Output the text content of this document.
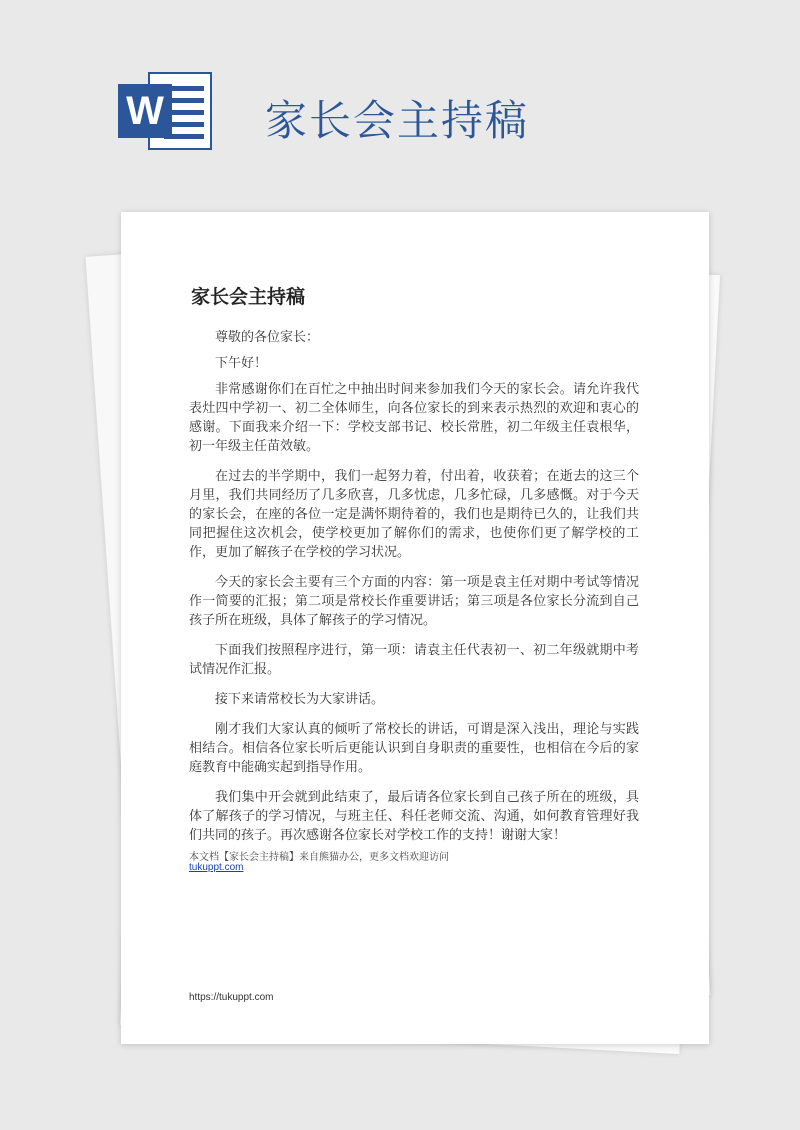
W 家长会主持稿
家长会主持稿

尊敬的各位家长：

下午好！

非常感谢你们在百忙之中抽出时间来参加我们今天的家长会。请允许我代表灶四中学初一、初二全体师生，向各位家长的到来表示热烈的欢迎和衷心的感谢。下面我来介绍一下：学校支部书记、校长常胜，初二年级主任袁根华，初一年级主任苗效敏。

在过去的半学期中，我们一起努力着，付出着，收获着；在逝去的这三个月里，我们共同经历了几多欣喜，几多忧虑，几多忙碌，几多感慨。对于今天的家长会，在座的各位一定是满怀期待着的，我们也是期待已久的，让我们共同把握住这次机会，使学校更加了解你们的需求，也使你们更了解学校的工作，更加了解孩子在学校的学习状况。

今天的家长会主要有三个方面的内容：第一项是袁主任对期中考试等情况作一简要的汇报；第二项是常校长作重要讲话；第三项是各位家长分流到自己孩子所在班级，具体了解孩子的学习情况。

下面我们按照程序进行，第一项：请袁主任代表初一、初二年级就期中考试情况作汇报。

接下来请常校长为大家讲话。

刚才我们大家认真的倾听了常校长的讲话，可谓是深入浅出，理论与实践相结合。相信各位家长听后更能认识到自身职责的重要性，也相信在今后的家庭教育中能确实起到指导作用。

我们集中开会就到此结束了，最后请各位家长到自己孩子所在的班级，具体了解孩子的学习情况，与班主任、科任老师交流、沟通，如何教育管理好我们共同的孩子。再次感谢各位家长对学校工作的支持！谢谢大家！

本文档【家长会主持稿】来自熊猫办公，更多文档欢迎访问
tukuppt.com
https://tukuppt.com
